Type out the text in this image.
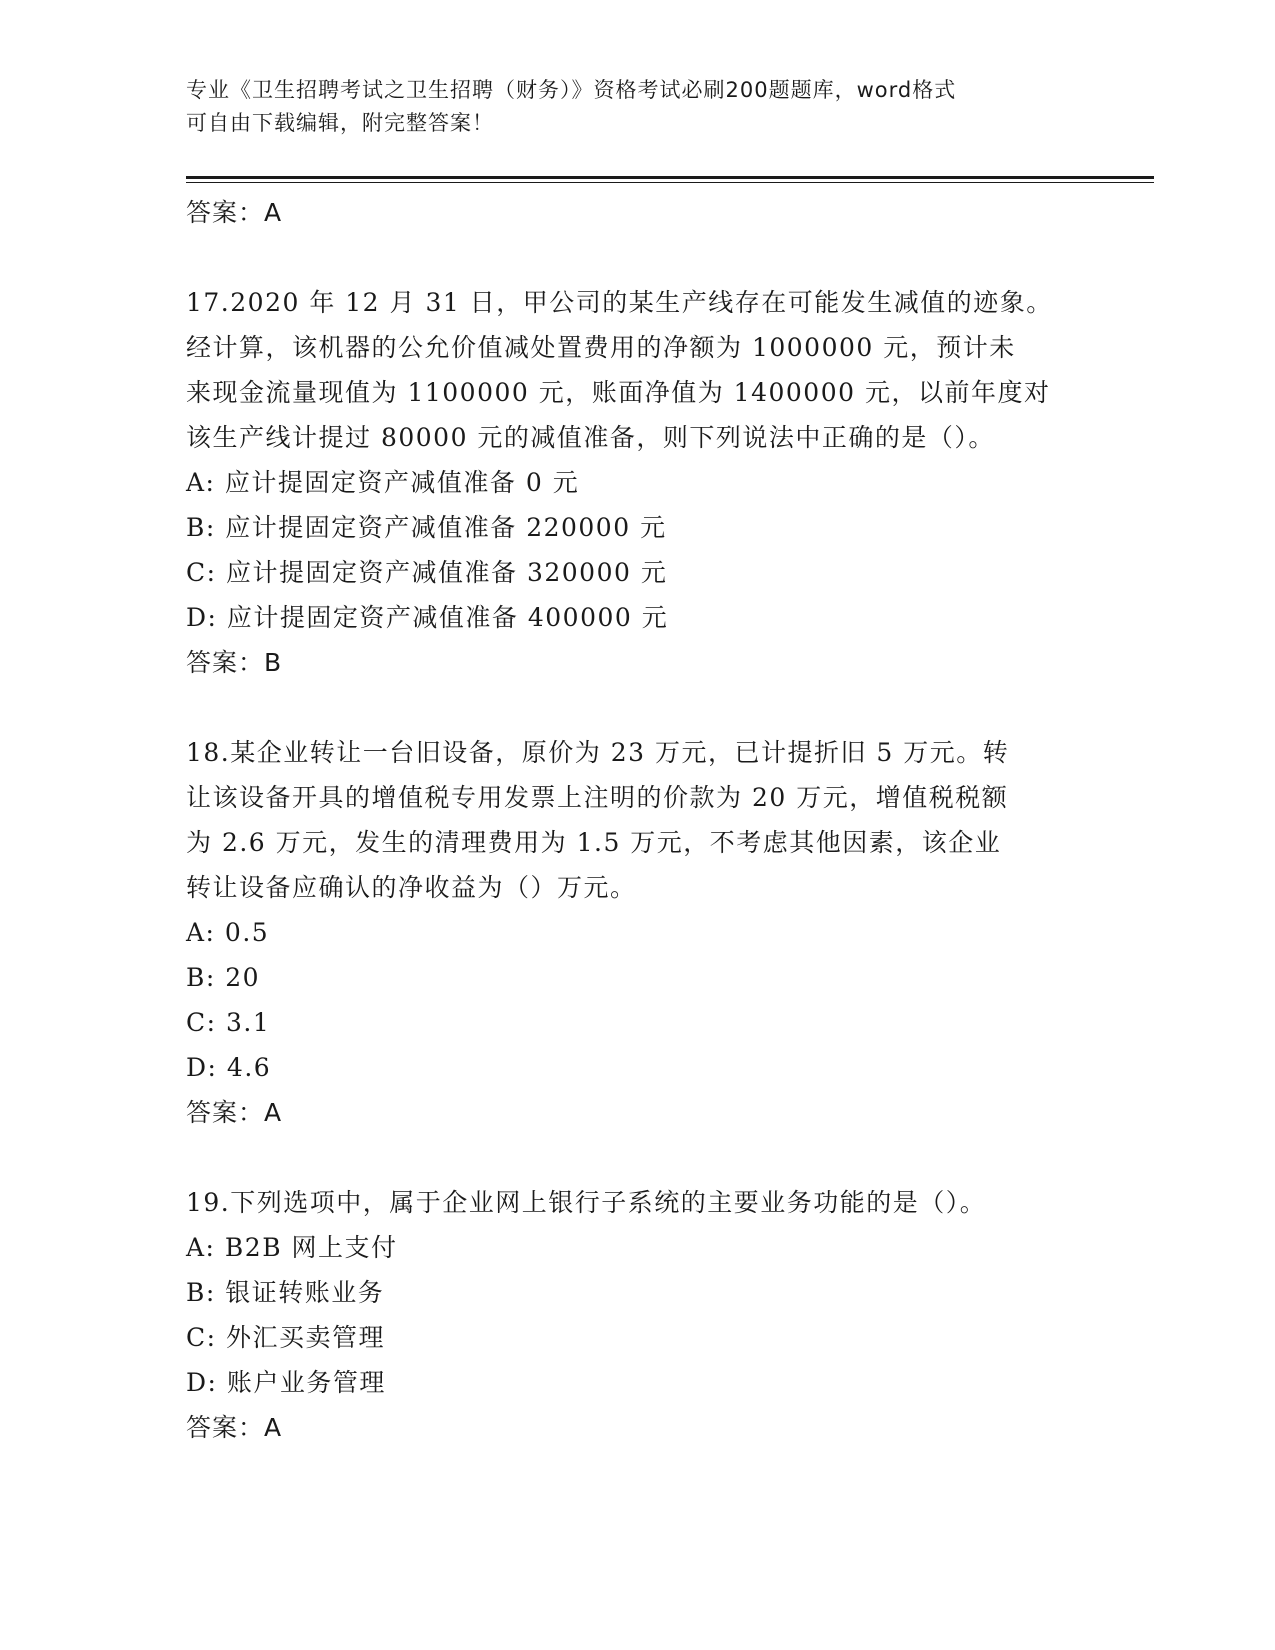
专业《卫生招聘考试之卫生招聘（财务）》资格考试必刷200题题库，word格式
可自由下载编辑，附完整答案！
答案：A
17.2020 年 12 月 31 日，甲公司的某生产线存在可能发生减值的迹象。
经计算，该机器的公允价值减处置费用的净额为 1000000 元，预计未
来现金流量现值为 1100000 元，账面净值为 1400000 元，以前年度对
该生产线计提过 80000 元的减值准备，则下列说法中正确的是（）。
A: 应计提固定资产减值准备 0 元
B: 应计提固定资产减值准备 220000 元
C: 应计提固定资产减值准备 320000 元
D: 应计提固定资产减值准备 400000 元
答案：B
18.某企业转让一台旧设备，原价为 23 万元，已计提折旧 5 万元。转
让该设备开具的增值税专用发票上注明的价款为 20 万元，增值税税额
为 2.6 万元，发生的清理费用为 1.5 万元，不考虑其他因素，该企业
转让设备应确认的净收益为（）万元。
A: 0.5
B: 20
C: 3.1
D: 4.6
答案：A
19.下列选项中，属于企业网上银行子系统的主要业务功能的是（）。
A: B2B 网上支付
B: 银证转账业务
C: 外汇买卖管理
D: 账户业务管理
答案：A
